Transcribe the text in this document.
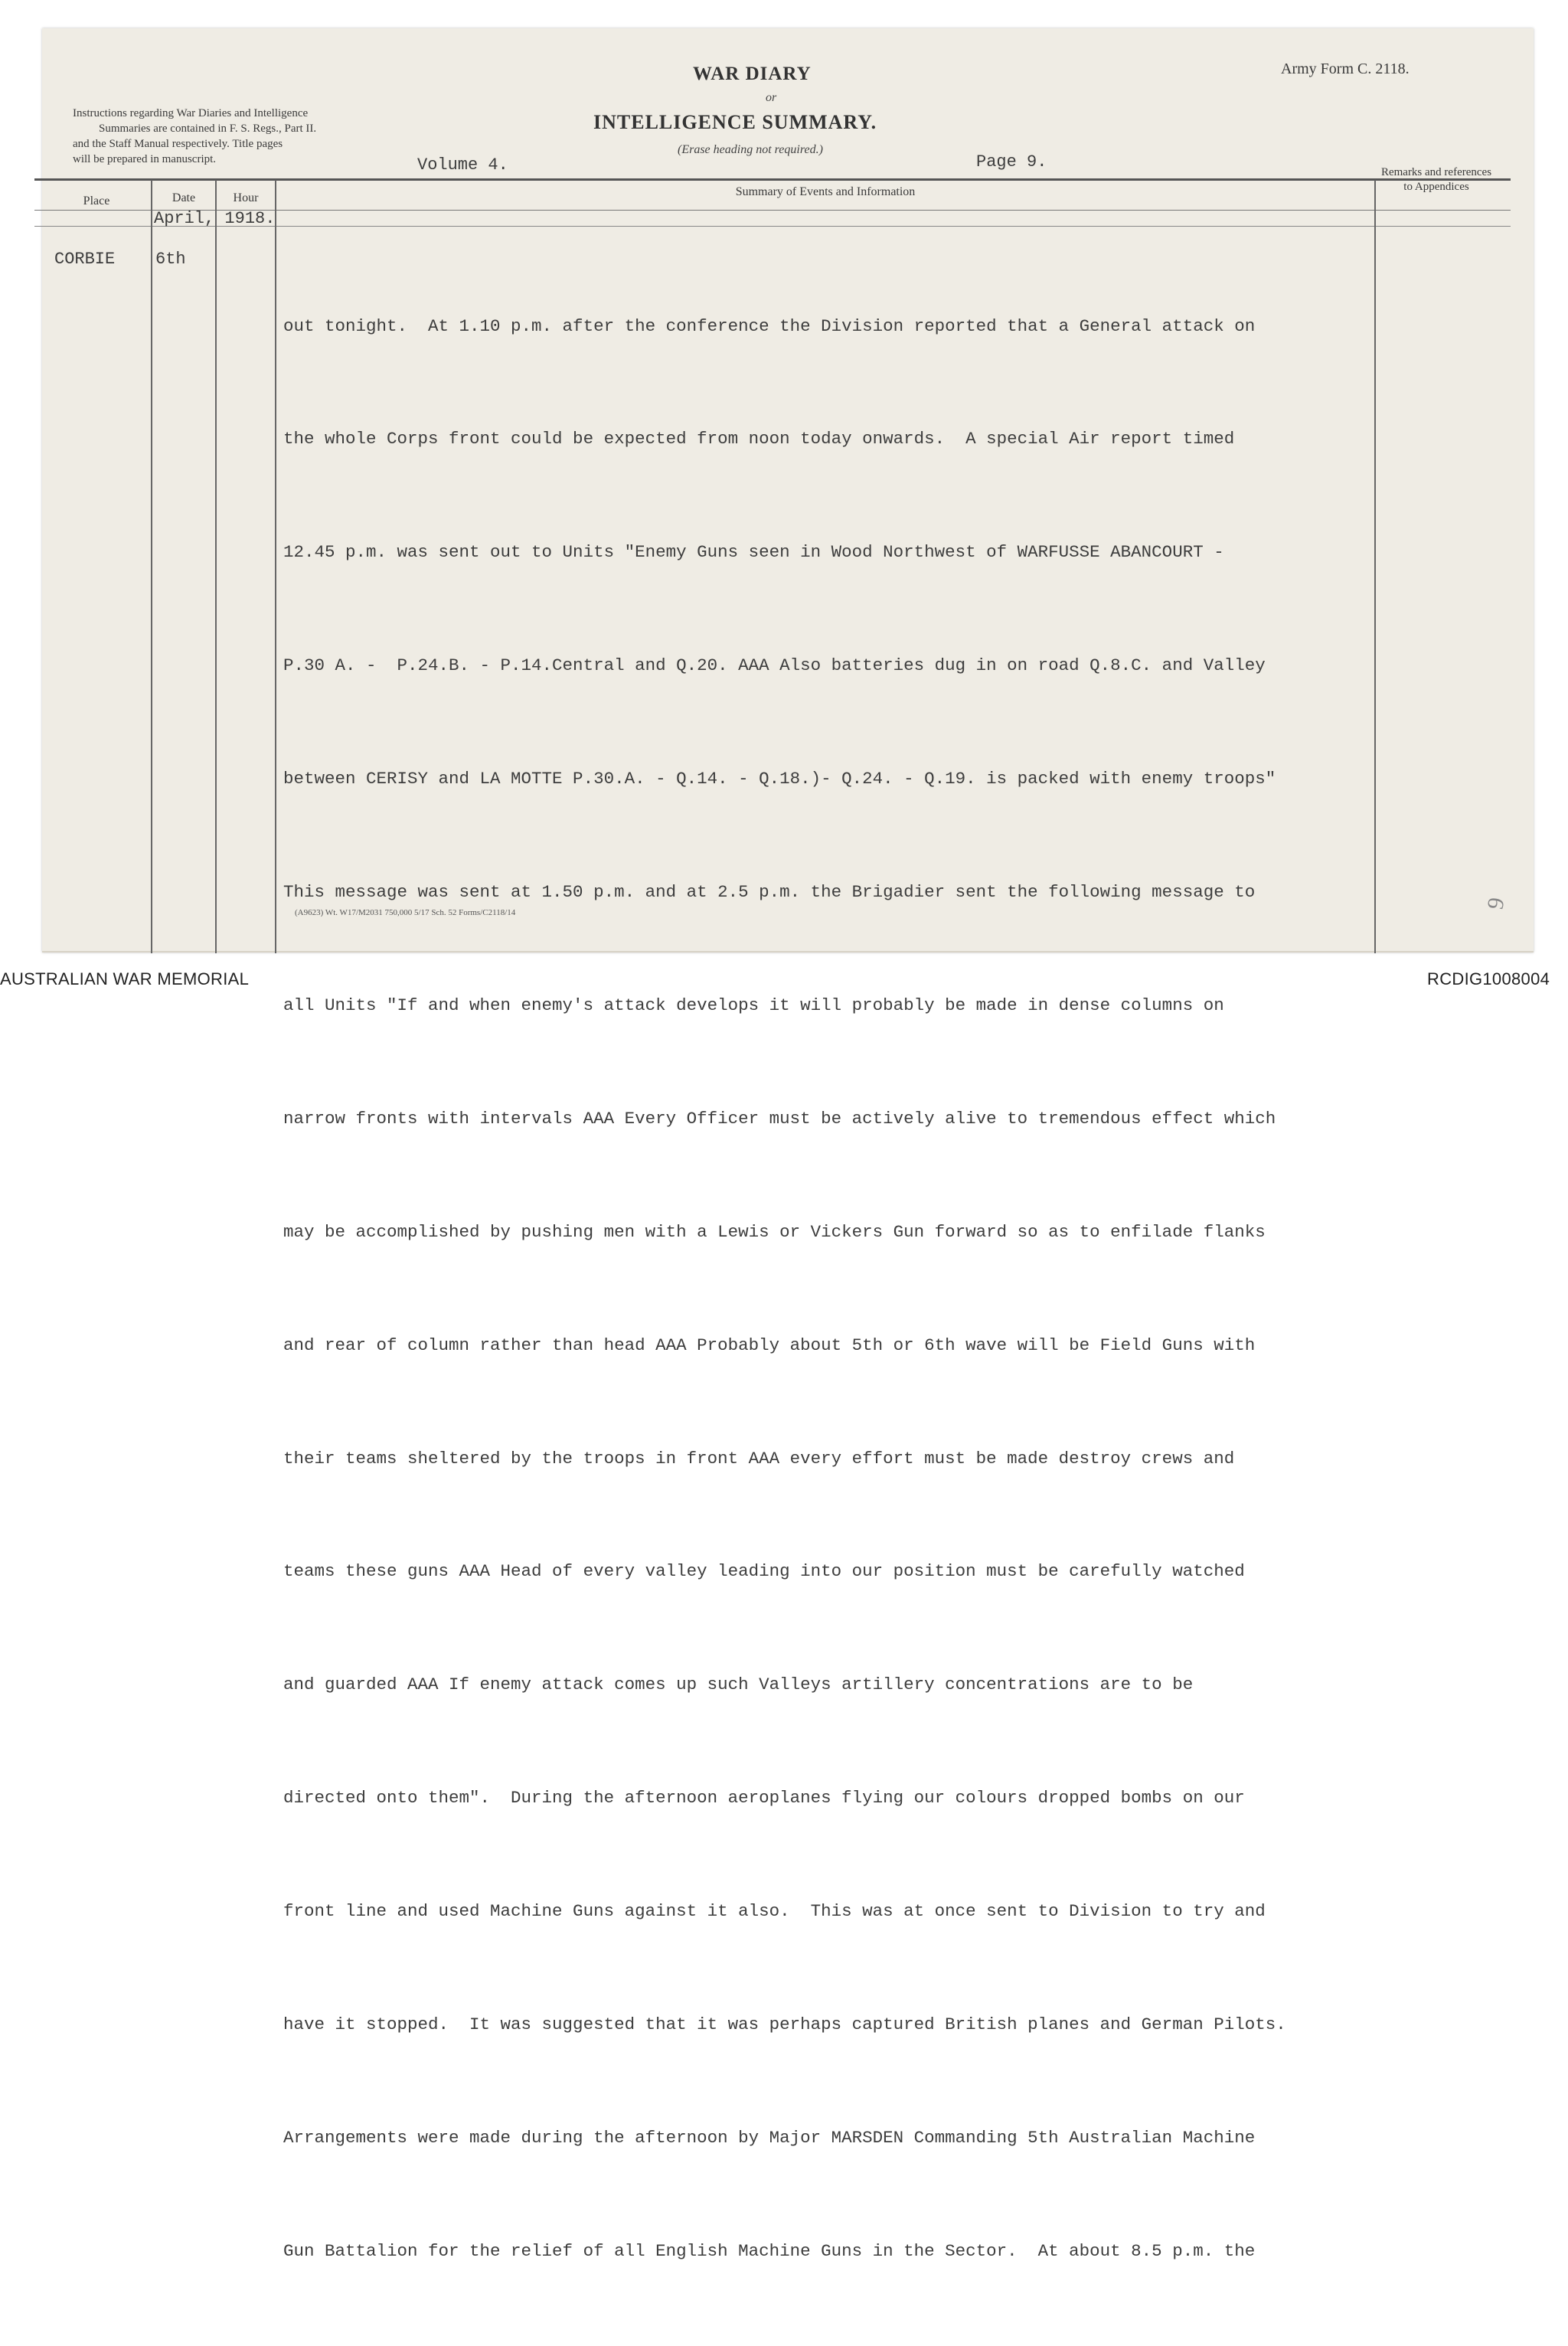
Instructions regarding War Diaries and Intelligence
Summaries are contained in F. S. Regs., Part II.
and the Staff Manual respectively. Title pages
will be prepared in manuscript.
WAR DIARY
or
INTELLIGENCE SUMMARY.
(Erase heading not required.)
Army Form C. 2118.
Volume 4.	Page 9.
Place	Date	Hour	Summary of Events and Information
Remarks and references to Appendices
April, 1918.
CORBIE 6th

out tonight.  At 1.10 p.m. after the conference the Division reported that a General attack on

the whole Corps front could be expected from noon today onwards.  A special Air report timed

12.45 p.m. was sent out to Units "Enemy Guns seen in Wood Northwest of WARFUSSE ABANCOURT -

P.30 A. -  P.24.B. - P.14.Central and Q.20. AAA Also batteries dug in on road Q.8.C. and Valley

between CERISY and LA MOTTE P.30.A. - Q.14. - Q.18.)- Q.24. - Q.19. is packed with enemy troops"

This message was sent at 1.50 p.m. and at 2.5 p.m. the Brigadier sent the following message to

all Units "If and when enemy's attack develops it will probably be made in dense columns on

narrow fronts with intervals AAA Every Officer must be actively alive to tremendous effect which

may be accomplished by pushing men with a Lewis or Vickers Gun forward so as to enfilade flanks

and rear of column rather than head AAA Probably about 5th or 6th wave will be Field Guns with

their teams sheltered by the troops in front AAA every effort must be made destroy crews and

teams these guns AAA Head of every valley leading into our position must be carefully watched

and guarded AAA If enemy attack comes up such Valleys artillery concentrations are to be

directed onto them".  During the afternoon aeroplanes flying our colours dropped bombs on our

front line and used Machine Guns against it also.  This was at once sent to Division to try and

have it stopped.  It was suggested that it was perhaps captured British planes and German Pilots.

Arrangements were made during the afternoon by Major MARSDEN Commanding 5th Australian Machine

Gun Battalion for the relief of all English Machine Guns in the Sector.  At about 8.5 p.m. the

(A9623) Wt. W17/M2031 750,000 5/17 Sch. 52 Forms/C2118/14
9
AUSTRALIAN WAR MEMORIAL	RCDIG1008004
